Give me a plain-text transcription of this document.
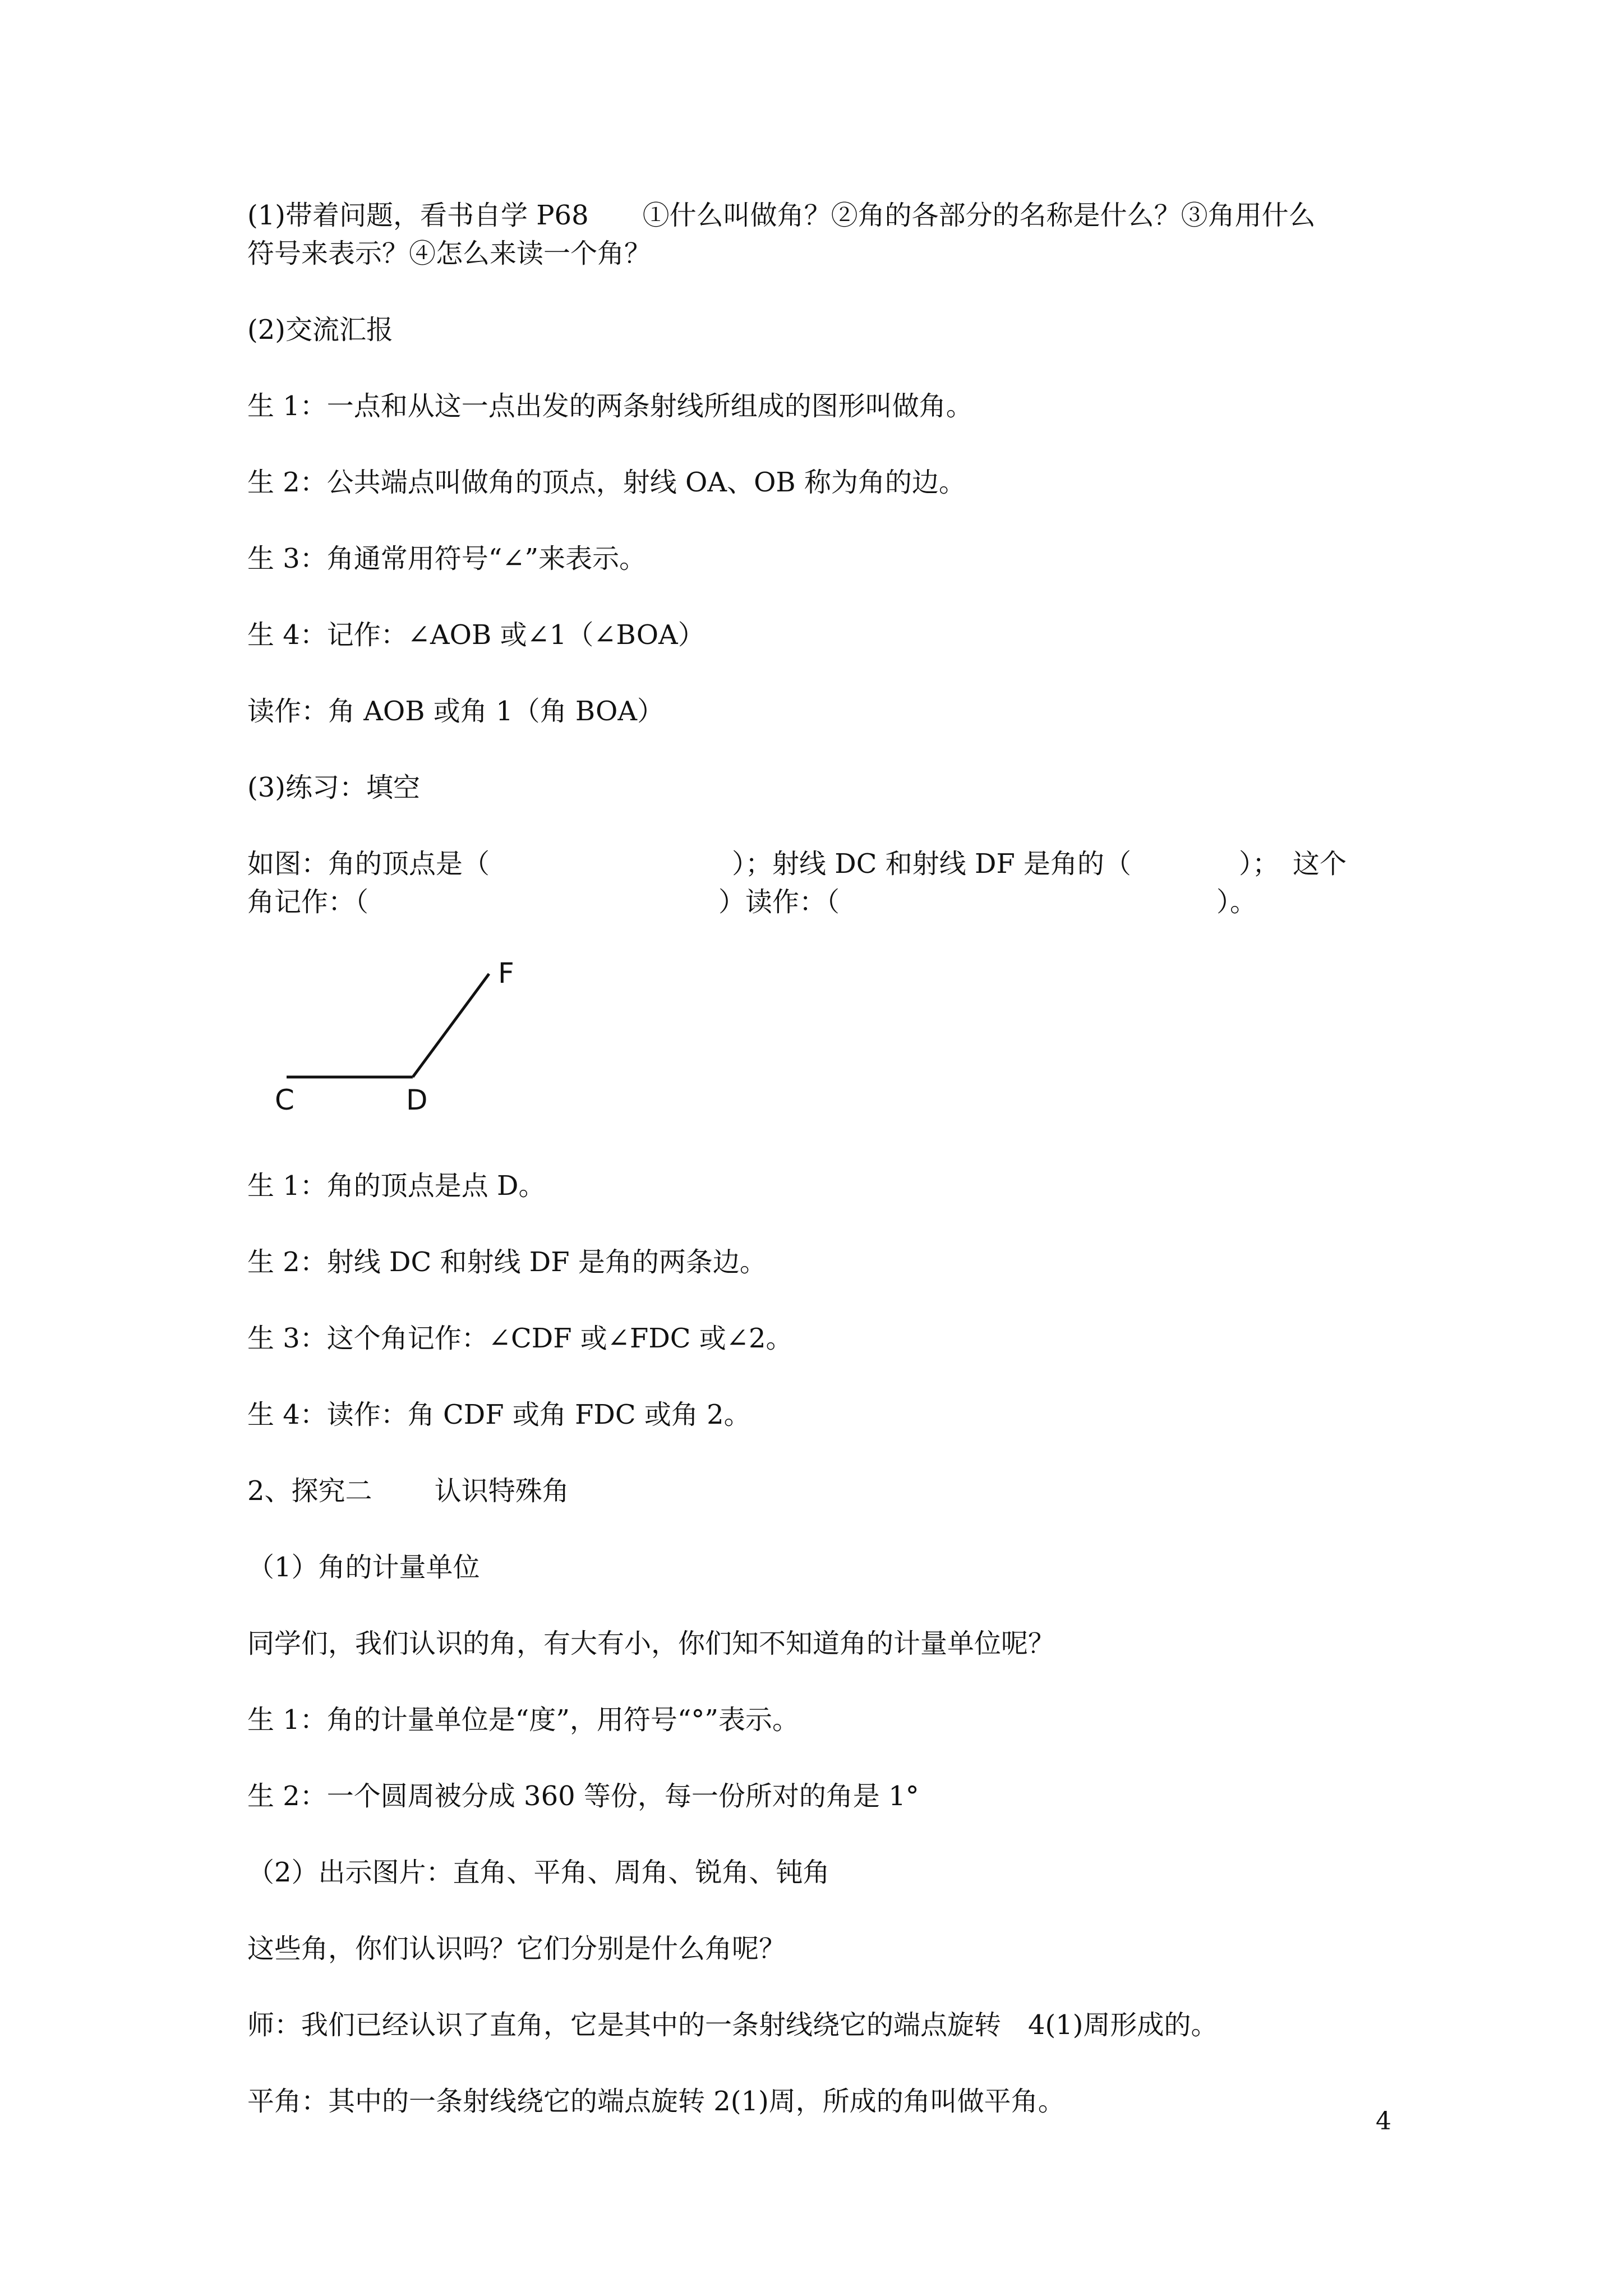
(1)带着问题，看书自学 P68　　①什么叫做角？②角的各部分的名称是什么？③角用什么
符号来表示？④怎么来读一个角？
(2)交流汇报
生 1：一点和从这一点出发的两条射线所组成的图形叫做角。
生 2：公共端点叫做角的顶点，射线 OA、OB 称为角的边。
生 3：角通常用符号“∠”来表示。
生 4：记作：∠AOB 或∠1（∠BOA）
读作：角 AOB 或角 1（角 BOA）
(3)练习：填空
如图：角的顶点是（　　　　　　　　　）；射线 DC 和射线 DF 是角的（　　　　）；　这个
角记作：（　　　　　　　　　　　　　）读作：（　　　　　　　　　　　　　　）。
F
C	D
生 1：角的顶点是点 D。
生 2：射线 DC 和射线 DF 是角的两条边。
生 3：这个角记作：∠CDF 或∠FDC 或∠2。
生 4：读作：角 CDF 或角 FDC 或角 2。
2、探究二　　 认识特殊角
（1）角的计量单位
同学们，我们认识的角，有大有小，你们知不知道角的计量单位呢？
生 1：角的计量单位是“度”，用符号“°”表示。
生 2：一个圆周被分成 360 等份，每一份所对的角是 1°
（2）出示图片：直角、平角、周角、锐角、钝角
这些角，你们认识吗？它们分别是什么角呢？
师：我们已经认识了直角，它是其中的一条射线绕它的端点旋转　4(1)周形成的。
平角：其中的一条射线绕它的端点旋转 2(1)周，所成的角叫做平角。
4
